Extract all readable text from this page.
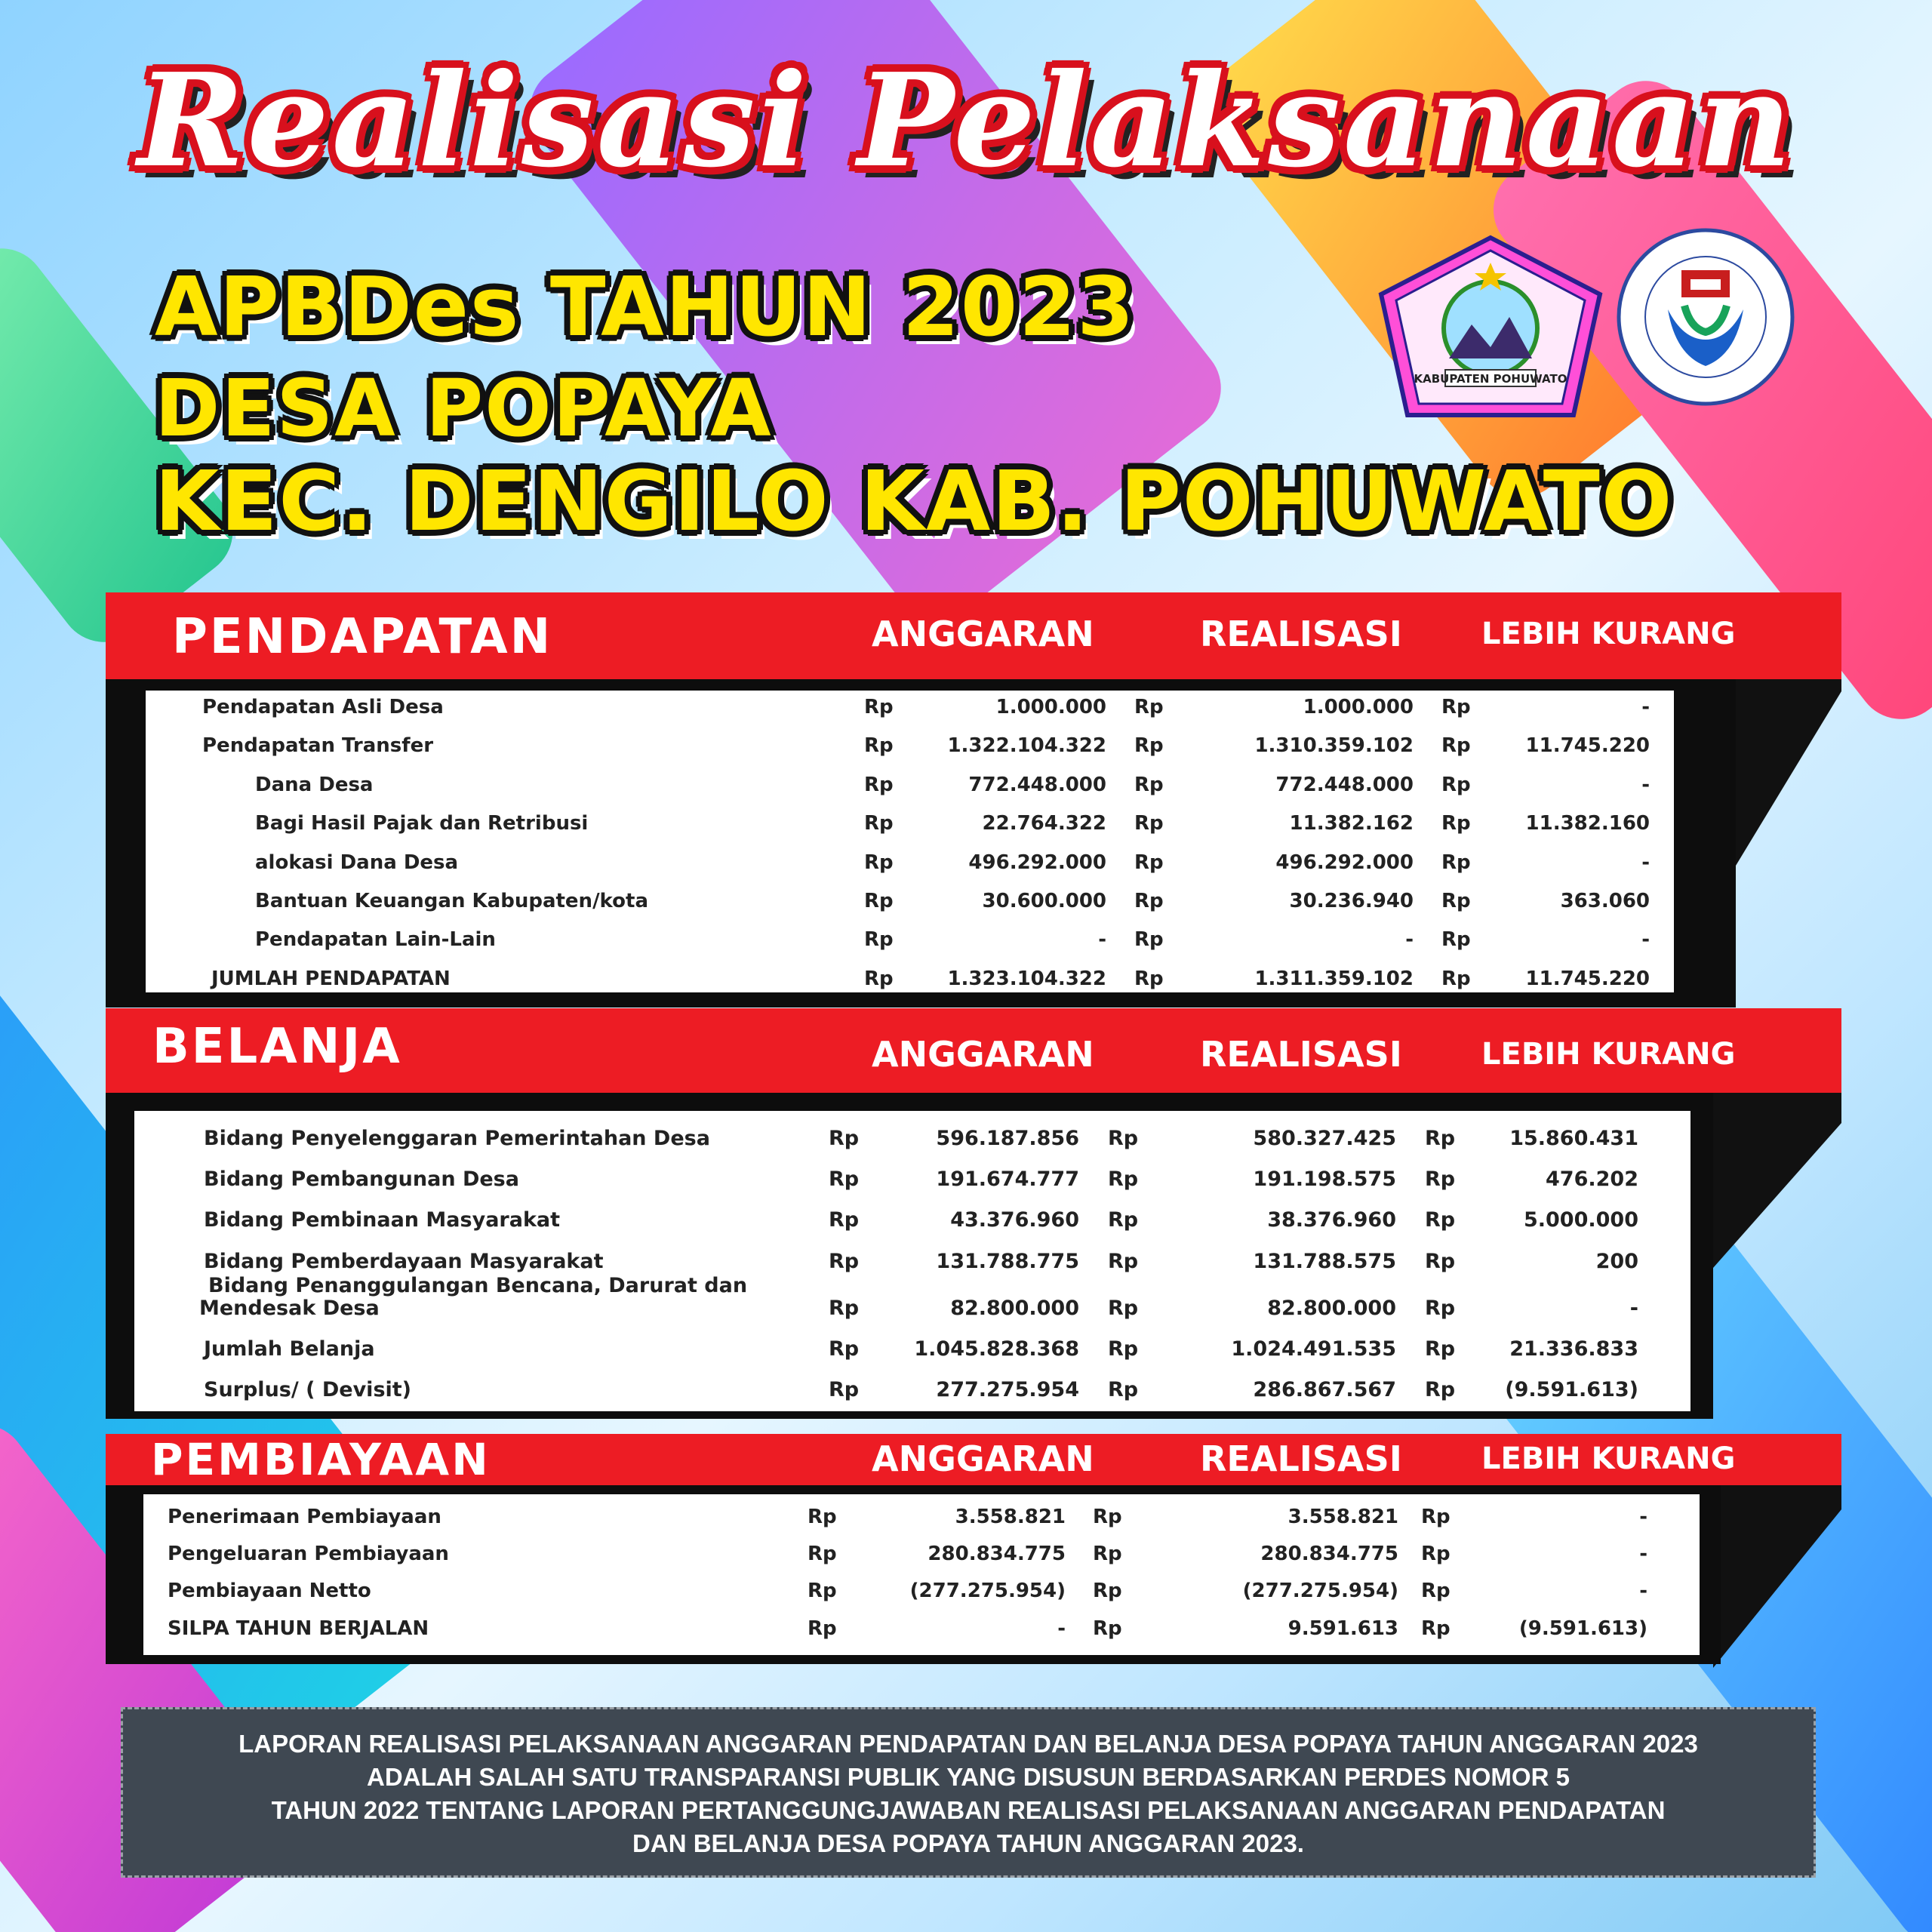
Realisasi Pelaksanaan
APBDes TAHUN 2023
DESA POPAYA
KEC. DENGILO KAB. POHUWATO
KABUPATEN POHUWATO
PENDAPATAN	ANGGARAN	REALISASI	LEBIH KURANG
Pendapatan Asli Desa	Rp	1.000.000 Rp	1.000.000 Rp	-
Pendapatan Transfer	Rp	1.322.104.322 Rp	1.310.359.102 Rp	11.745.220
Dana Desa	Rp	772.448.000 Rp	772.448.000 Rp	-
Bagi Hasil Pajak dan Retribusi	Rp	22.764.322 Rp	11.382.162 Rp	11.382.160
alokasi Dana Desa	Rp	496.292.000 Rp	496.292.000 Rp	-
Bantuan Keuangan Kabupaten/kota	Rp	30.600.000 Rp	30.236.940 Rp	363.060
Pendapatan Lain-Lain	Rp	- Rp	- Rp	-
JUMLAH PENDAPATAN	Rp	1.323.104.322 Rp	1.311.359.102 Rp	11.745.220
BELANJA	ANGGARAN	REALISASI	LEBIH KURANG
Bidang Penyelenggaran Pemerintahan Desa	Rp	596.187.856 Rp	580.327.425 Rp	15.860.431
Bidang Pembangunan Desa	Rp	191.674.777 Rp	191.198.575 Rp	476.202
Bidang Pembinaan Masyarakat	Rp	43.376.960 Rp	38.376.960 Rp	5.000.000
Bidang Pemberdayaan Masyarakat	Rp	131.788.775 Rp	131.788.575 Rp	200
Bidang Penanggulangan Bencana, Darurat dan
Mendesak Desa	Rp	82.800.000 Rp	82.800.000 Rp	-
Jumlah Belanja	Rp	1.045.828.368 Rp	1.024.491.535 Rp	21.336.833
Surplus/ ( Devisit)	Rp	277.275.954 Rp	286.867.567 Rp	(9.591.613)
PEMBIAYAAN	ANGGARAN	REALISASI	LEBIH KURANG
Penerimaan Pembiayaan	Rp	3.558.821 Rp	3.558.821 Rp	-
Pengeluaran Pembiayaan	Rp	280.834.775 Rp	280.834.775 Rp	-
Pembiayaan Netto	Rp	(277.275.954) Rp	(277.275.954) Rp	-
SILPA TAHUN BERJALAN	Rp	- Rp	9.591.613 Rp	(9.591.613)
LAPORAN REALISASI PELAKSANAAN ANGGARAN PENDAPATAN DAN BELANJA DESA POPAYA TAHUN ANGGARAN 2023
ADALAH SALAH SATU TRANSPARANSI PUBLIK YANG DISUSUN BERDASARKAN PERDES NOMOR 5
TAHUN 2022 TENTANG LAPORAN PERTANGGUNGJAWABAN REALISASI PELAKSANAAN ANGGARAN PENDAPATAN
DAN BELANJA DESA POPAYA TAHUN ANGGARAN 2023.
